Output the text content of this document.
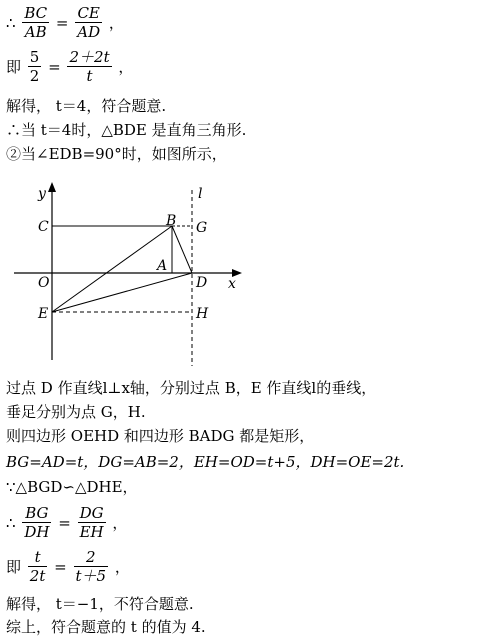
∴ $\frac{BC}{AB} = \frac{CE}{AD}$ ，
即 $\frac{5}{2} = \frac{2+2t}{t}$ ，
解得， t＝4，符合题意.
∴当 t＝4时，△BDE 是直角三角形.
②当∠EDB=90°时，如图所示，
y	l
C	B G
A
O	D x
E	H
过点 D 作直线l⊥x轴，分别过点 B，E 作直线l的垂线，
垂足分别为点 G，H.
则四边形 OEHD 和四边形 BADG 都是矩形，
BG=AD=t，DG=AB=2，EH=OD=t+5，DH=OE=2t.
∵△BGD∽△DHE，
∴ $\frac{BG}{DH} = \frac{DG}{EH}$ ，
即 $\frac{t}{2t} = \frac{2}{t+5}$ ，
解得， t＝−1，不符合题意.
综上，符合题意的 t 的值为 4.
